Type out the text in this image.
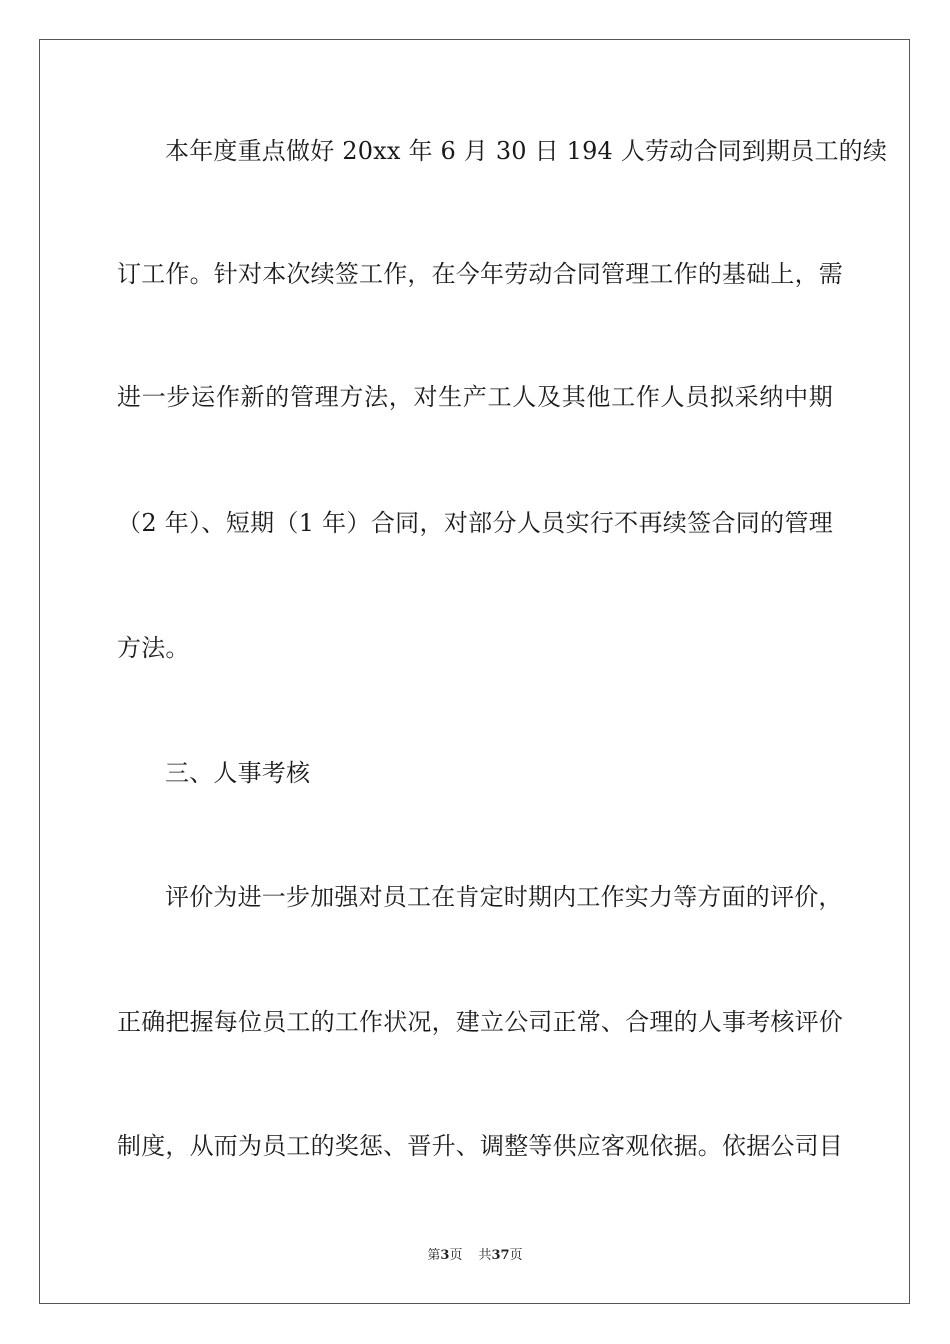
本年度重点做好 20xx 年 6 月 30 日 194 人劳动合同到期员工的续
订工作。针对本次续签工作，在今年劳动合同管理工作的基础上，需
进一步运作新的管理方法，对生产工人及其他工作人员拟采纳中期
（2 年）、短期（1 年）合同，对部分人员实行不再续签合同的管理
方法。
三、人事考核
评价为进一步加强对员工在肯定时期内工作实力等方面的评价，
正确把握每位员工的工作状况，建立公司正常、合理的人事考核评价
制度，从而为员工的奖惩、晋升、调整等供应客观依据。依据公司目
第3页 共37页
